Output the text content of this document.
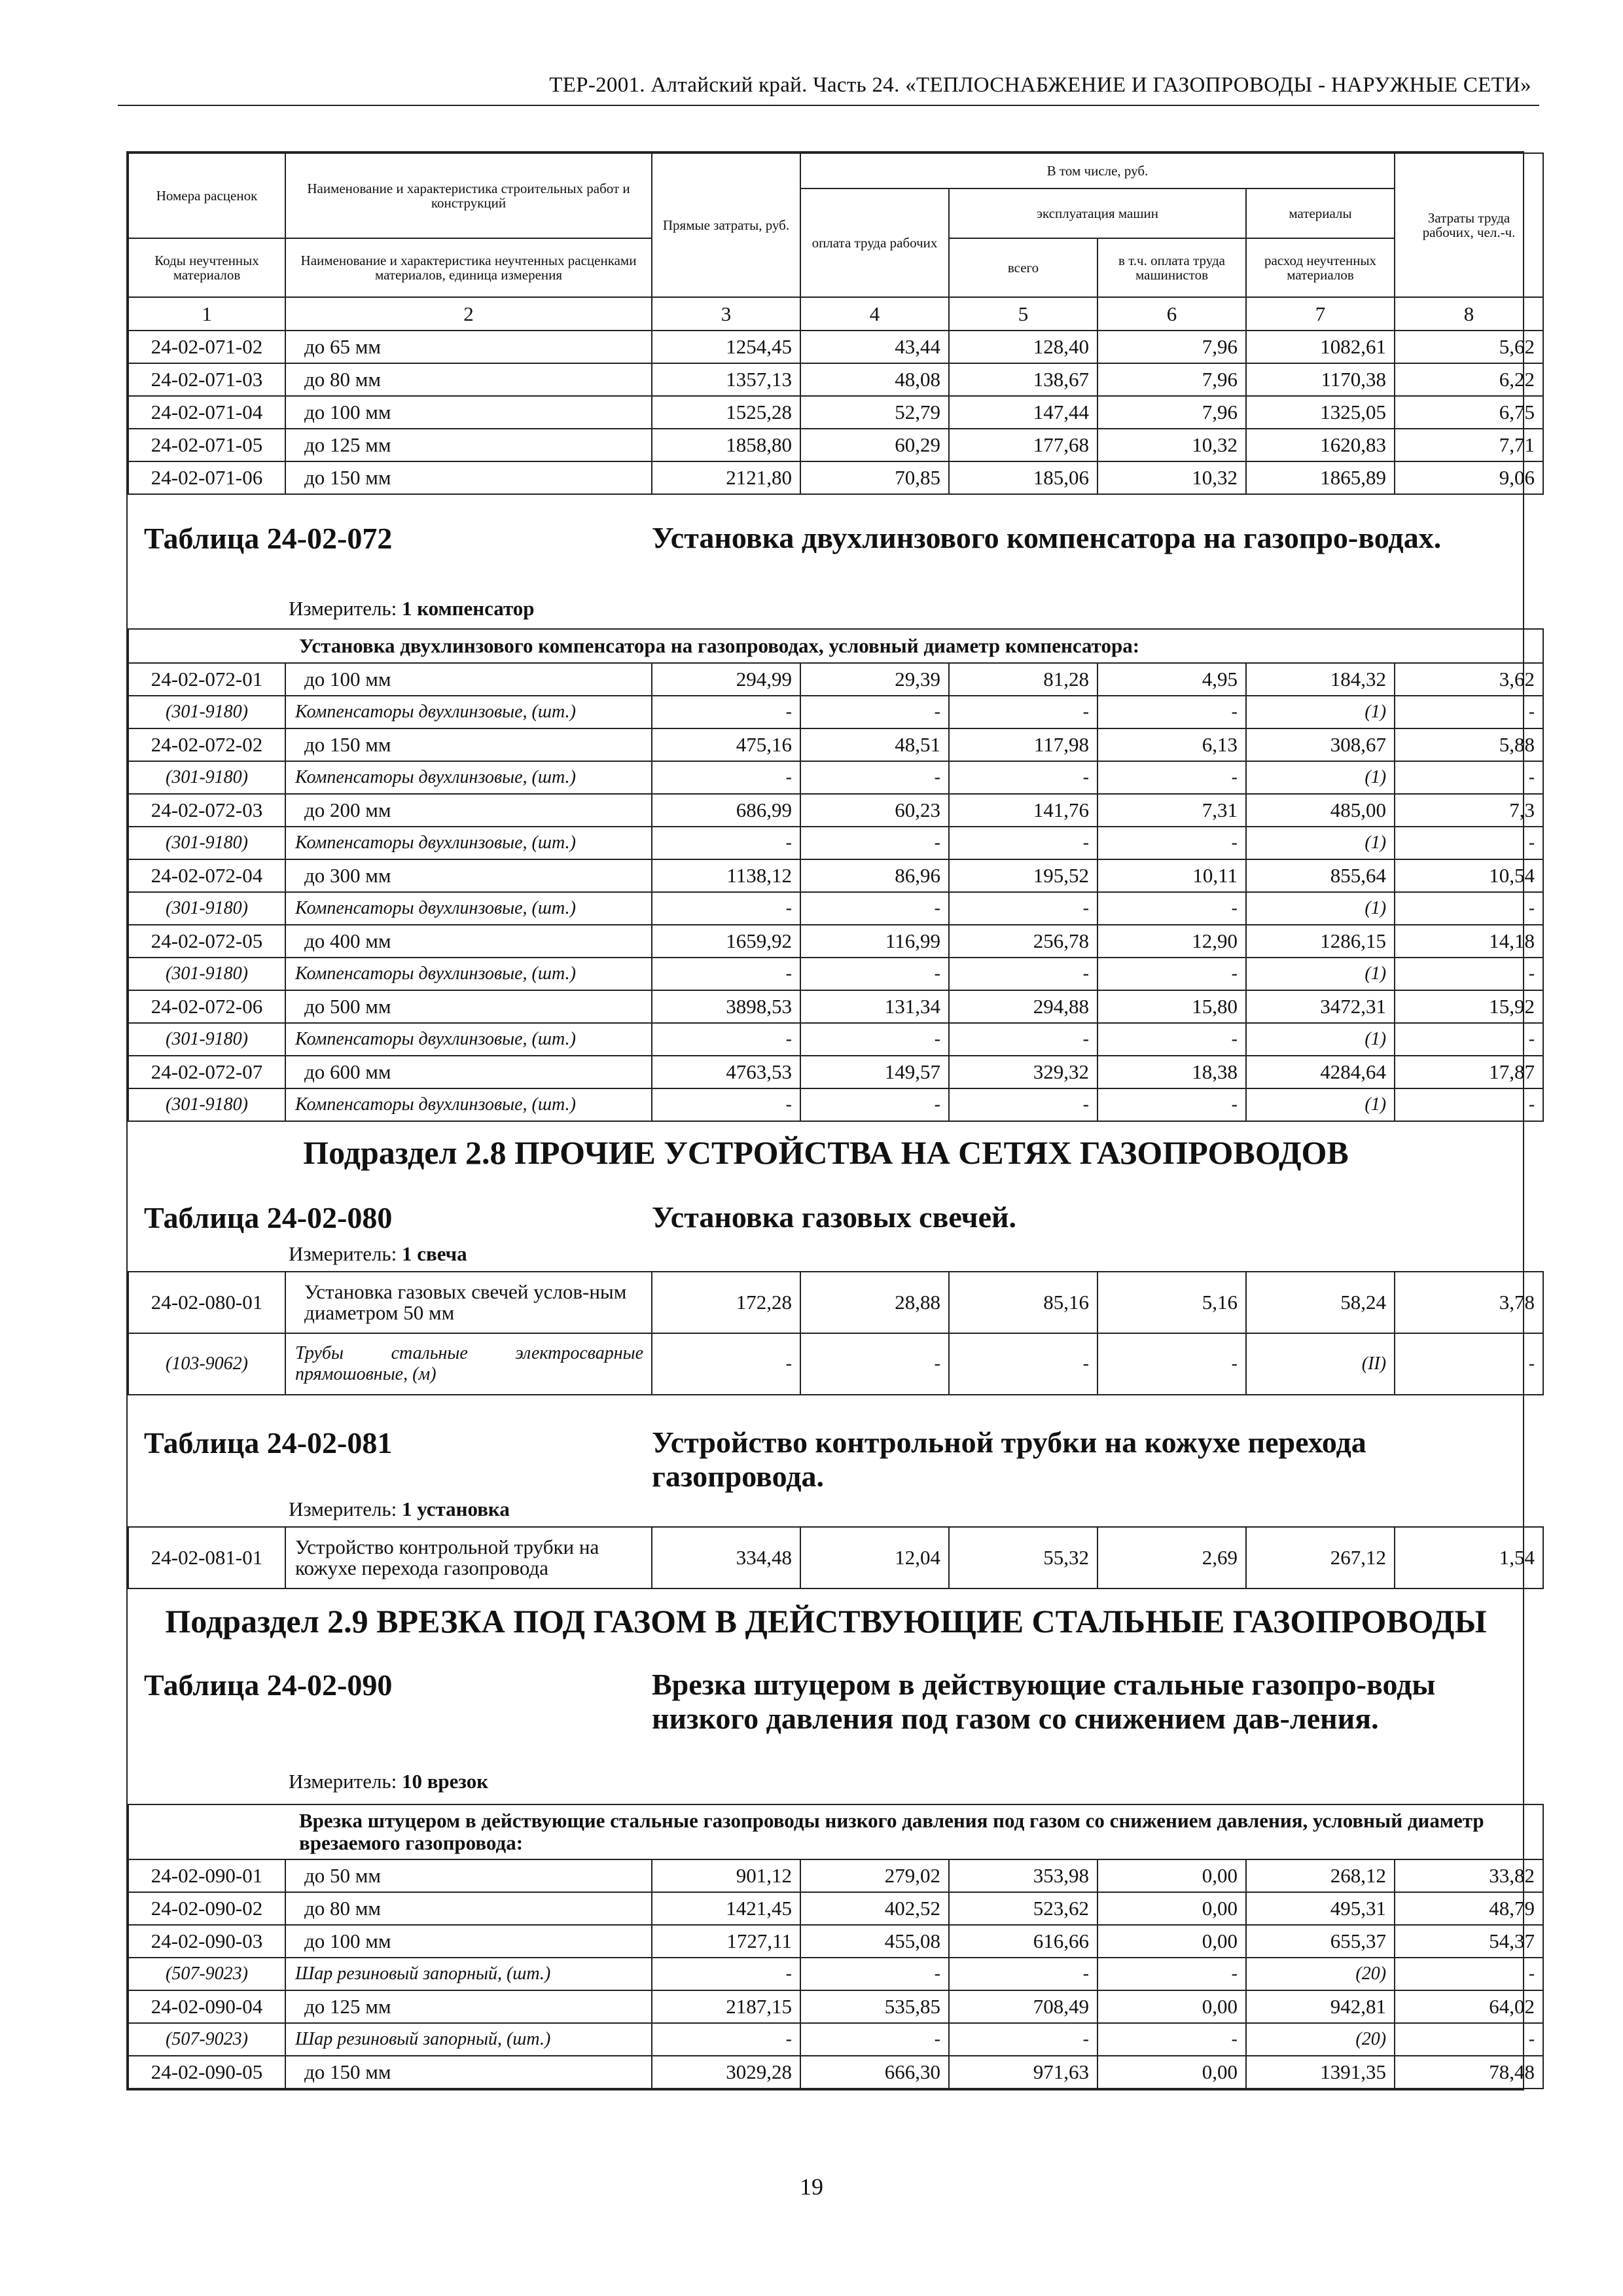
ТЕР-2001. Алтайский край. Часть 24. «ТЕПЛОСНАБЖЕНИЕ И ГАЗОПРОВОДЫ - НАРУЖНЫЕ СЕТИ»
Номера расценок	Наименование и характеристика строительных работ и конструкций	Прямые затраты, руб.	В том числе, руб.				Затраты труда рабочих, чел.-ч.
			оплата труда рабочих	эксплуатация машин		материалы	
Коды неучтенных материалов	Наименование и характеристика неучтенных расценками материалов, единица измерения			всего	в т.ч. оплата труда машинистов	расход неучтенных материалов	
1	2	3	4	5	6	7	8
24-02-071-02	до 65 мм	1254,45	43,44	128,40	7,96	1082,61	5,62
24-02-071-03	до 80 мм	1357,13	48,08	138,67	7,96	1170,38	6,22
24-02-071-04	до 100 мм	1525,28	52,79	147,44	7,96	1325,05	6,75
24-02-071-05	до 125 мм	1858,80	60,29	177,68	10,32	1620,83	7,71
24-02-071-06	до 150 мм	2121,80	70,85	185,06	10,32	1865,89	9,06

Таблица 24-02-072 Установка двухлинзового компенсатора на газопро-водах.
Измеритель: 1 компенсатор							

Установка двухлинзового компенсатора на газопроводах, условный диаметр компенсатора:							
24-02-072-01	до 100 мм	294,99	29,39	81,28	4,95	184,32	3,62
(301-9180)	Компенсаторы двухлинзовые, (шт.)	-	-	-	-	(1)	-
24-02-072-02	до 150 мм	475,16	48,51	117,98	6,13	308,67	5,88
(301-9180)	Компенсаторы двухлинзовые, (шт.)	-	-	-	-	(1)	-
24-02-072-03	до 200 мм	686,99	60,23	141,76	7,31	485,00	7,3
(301-9180)	Компенсаторы двухлинзовые, (шт.)	-	-	-	-	(1)	-
24-02-072-04	до 300 мм	1138,12	86,96	195,52	10,11	855,64	10,54
(301-9180)	Компенсаторы двухлинзовые, (шт.)	-	-	-	-	(1)	-
24-02-072-05	до 400 мм	1659,92	116,99	256,78	12,90	1286,15	14,18
(301-9180)	Компенсаторы двухлинзовые, (шт.)	-	-	-	-	(1)	-
24-02-072-06	до 500 мм	3898,53	131,34	294,88	15,80	3472,31	15,92
(301-9180)	Компенсаторы двухлинзовые, (шт.)	-	-	-	-	(1)	-
24-02-072-07	до 600 мм	4763,53	149,57	329,32	18,38	4284,64	17,87
(301-9180)	Компенсаторы двухлинзовые, (шт.)	-	-	-	-	(1)	-

Подраздел 2.8 ПРОЧИЕ УСТРОЙСТВА НА СЕТЯХ ГАЗОПРОВОДОВ
Таблица 24-02-080 Установка газовых свечей.
Измеритель: 1 свеча							

24-02-080-01	Установка газовых свечей услов-ным диаметром 50 мм	172,28	28,88	85,16	5,16	58,24	3,78
(103-9062)	Трубы стальные электросварные прямошовные, (м)	-	-	-	-	(II)	-

Таблица 24-02-081 Устройство контрольной трубки на кожухе перехода газопровода.
Измеритель: 1 установка							

24-02-081-01	Устройство контрольной трубки на кожухе перехода газопровода	334,48	12,04	55,32	2,69	267,12	1,54

Подраздел 2.9 ВРЕЗКА ПОД ГАЗОМ В ДЕЙСТВУЮЩИЕ СТАЛЬНЫЕ ГАЗОПРОВОДЫ
Таблица 24-02-090 Врезка штуцером в действующие стальные газопро-воды низкого давления под газом со снижением дав-ления.
Измеритель: 10 врезок							

Врезка штуцером в действующие стальные газопроводы низкого давления под газом со снижением давления, условный диаметр врезаемого газопровода:							
24-02-090-01	до 50 мм	901,12	279,02	353,98	0,00	268,12	33,82
24-02-090-02	до 80 мм	1421,45	402,52	523,62	0,00	495,31	48,79
24-02-090-03	до 100 мм	1727,11	455,08	616,66	0,00	655,37	54,37
(507-9023)	Шар резиновый запорный, (шт.)	-	-	-	-	(20)	-
24-02-090-04	до 125 мм	2187,15	535,85	708,49	0,00	942,81	64,02
(507-9023)	Шар резиновый запорный, (шт.)	-	-	-	-	(20)	-
24-02-090-05	до 150 мм	3029,28	666,30	971,63	0,00	1391,35	78,48
19
